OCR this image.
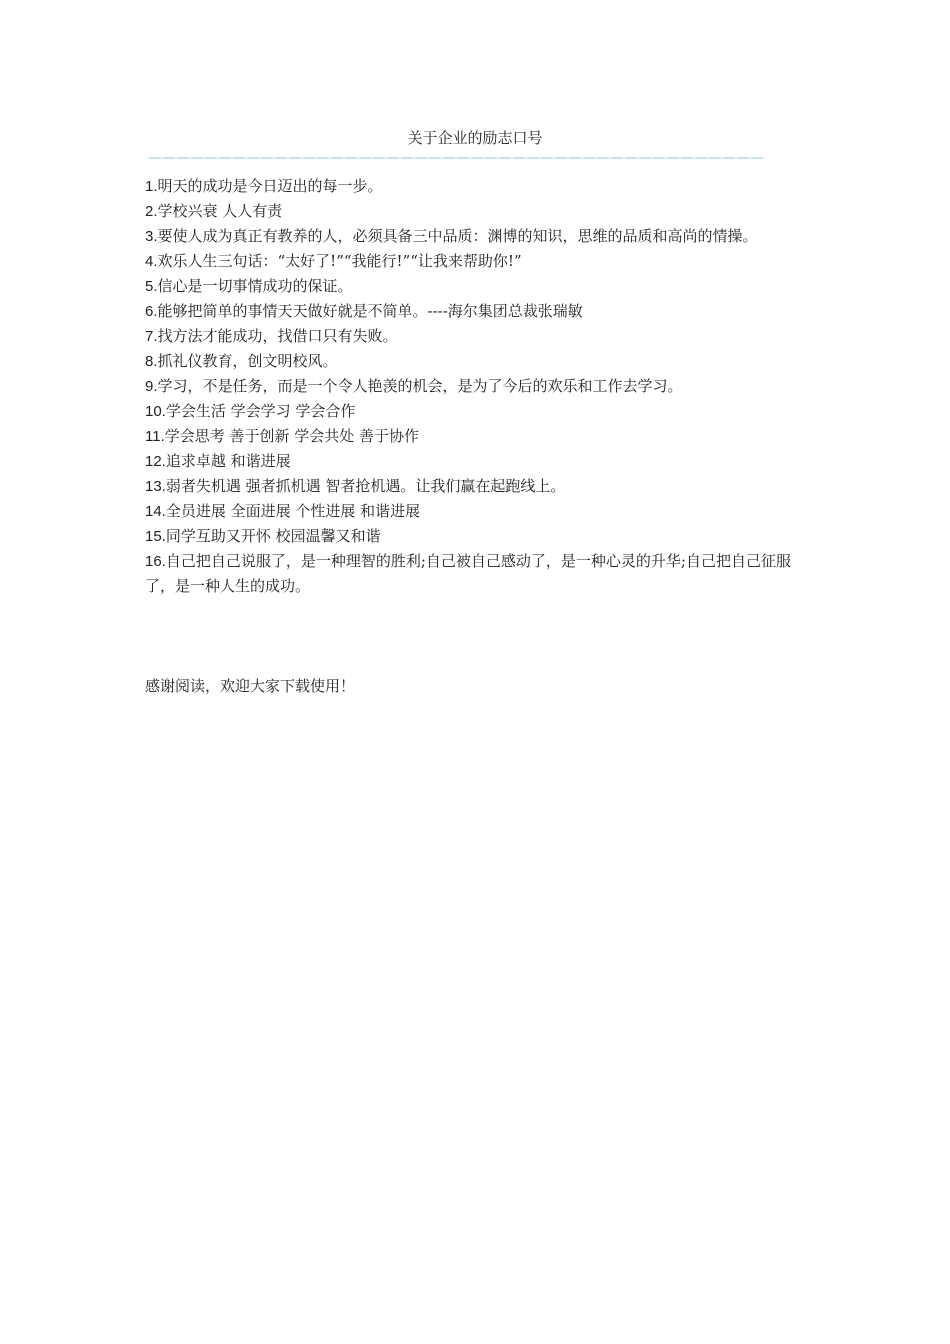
关于企业的励志口号
————————————————————————————————————————————

1.明天的成功是今日迈出的每一步。

2.学校兴衰 人人有责

3.要使人成为真正有教养的人，必须具备三中品质：渊博的知识，思维的品质和高尚的情操。

4.欢乐人生三句话：“太好了!”“我能行!”“让我来帮助你!”

5.信心是一切事情成功的保证。

6.能够把简单的事情天天做好就是不简单。----海尔集团总裁张瑞敏

7.找方法才能成功，找借口只有失败。

8.抓礼仪教育，创文明校风。

9.学习，不是任务，而是一个令人艳羡的机会，是为了今后的欢乐和工作去学习。

10.学会生活 学会学习 学会合作

11.学会思考 善于创新 学会共处 善于协作

12.追求卓越 和谐进展

13.弱者失机遇 强者抓机遇 智者抢机遇。让我们赢在起跑线上。

14.全员进展 全面进展 个性进展 和谐进展

15.同学互助又开怀 校园温馨又和谐

16.自己把自己说服了，是一种理智的胜利;自己被自己感动了，是一种心灵的升华;自己把自己征服了，是一种人生的成功。

感谢阅读，欢迎大家下载使用！
